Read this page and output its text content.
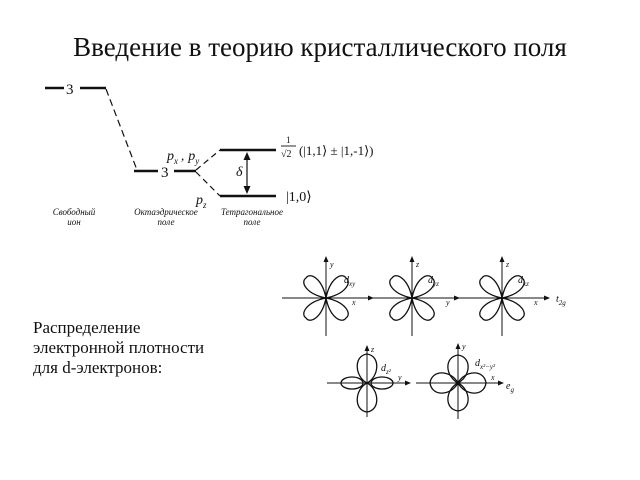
Введение в теорию кристаллического поля
3
3
$p_x$ , $p_y$
$p_z$
δ
1
√2 (|1,1⟩ ± |1,-1⟩)
|1,0⟩
Свободный
ион
Октаэдрическое
поле
Тетрагональное
поле
$d_{xy}$
y
x
$d_{yz}$
z
y
$d_{xz}$
z
x $t_{2g}$
$d_{z^2}$
z
y
$d_{x^2-y^2}$
y
x
$e_g$
Распределение
электронной плотности
для d-электронов:
